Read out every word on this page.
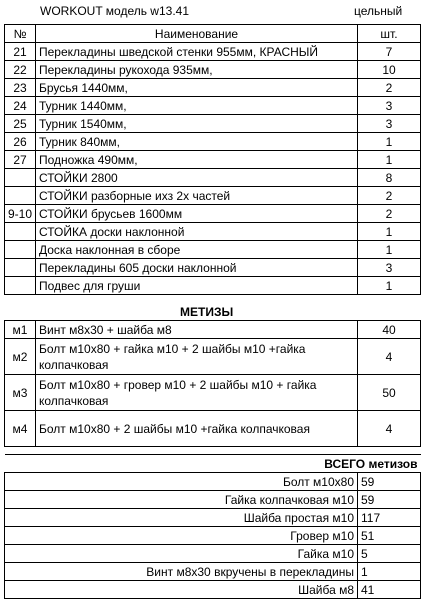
WORKOUT модель w13.41	цельный
№	Наименование	шт.
21	Перекладины шведской стенки 955мм, КРАСНЫЙ	7
22	Перекладины рукохода 935мм,	10
23	Брусья 1440мм,	2
24	Турник 1440мм,	3
25	Турник 1540мм,	3
26	Турник 840мм,	1
27	Подножка 490мм,	1
	СТОЙКИ 2800	8
	СТОЙКИ разборные ихз 2х частей	2
9-10	СТОЙКИ брусьев 1600мм	2
	СТОЙКА доски наклонной	1
	Доска наклонная в сборе	1
	Перекладины 605 доски наклонной	3
	Подвес для груши	1
МЕТИЗЫ
м1	Винт м8х30 + шайба м8	40
м2	Болт м10х80 + гайка м10 + 2 шайбы м10 +гайка колпачковая	4
м3	Болт м10х80 + гровер м10 + 2 шайбы м10 + гайка колпачковая	50
м4	Болт м10х80 + 2 шайбы м10 +гайка колпачковая	4
ВСЕГО метизов	
Болт м10х80	59
Гайка колпачковая м10	59
Шайба простая м10	117
Гровер м10	51
Гайка м10	5
Винт м8х30 вкручены в перекладины	1
Шайба м8	41
